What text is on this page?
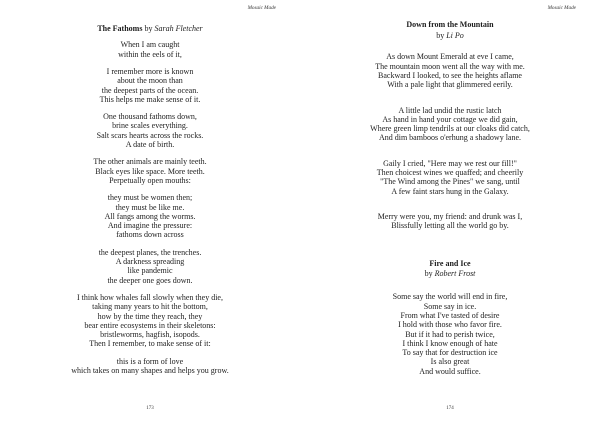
Mosaic Made
The Fathoms by Sarah Fletcher
When I am caught
within the eels of it,
I remember more is known
about the moon than
the deepest parts of the ocean.
This helps me make sense of it.
One thousand fathoms down,
brine scales everything.
Salt scars hearts across the rocks.
A date of birth.
The other animals are mainly teeth.
Black eyes like space. More teeth.
Perpetually open mouths:
they must be women then;
they must be like me.
All fangs among the worms.
And imagine the pressure:
fathoms down across
the deepest planes, the trenches.
A darkness spreading
like pandemic
the deeper one goes down.
I think how whales fall slowly when they die,
taking many years to hit the bottom,
how by the time they reach, they
bear entire ecosystems in their skeletons:
bristleworms, hagfish, isopods.
Then I remember, to make sense of it:
this is a form of love
which takes on many shapes and helps you grow.
173
Mosaic Made
Down from the Mountain
by Li Po
As down Mount Emerald at eve I came,
The mountain moon went all the way with me.
Backward I looked, to see the heights aflame
With a pale light that glimmered eerily.
A little lad undid the rustic latch
As hand in hand your cottage we did gain,
Where green limp tendrils at our cloaks did catch,
And dim bamboos o'erhung a shadowy lane.
Gaily I cried, "Here may we rest our fill!"
Then choicest wines we quaffed; and cheerily
"The Wind among the Pines" we sang, until
A few faint stars hung in the Galaxy.
Merry were you, my friend: and drunk was I,
Blissfully letting all the world go by.
Fire and Ice
by Robert Frost
Some say the world will end in fire,
Some say in ice.
From what I've tasted of desire
I hold with those who favor fire.
But if it had to perish twice,
I think I know enough of hate
To say that for destruction ice
Is also great
And would suffice.
174
